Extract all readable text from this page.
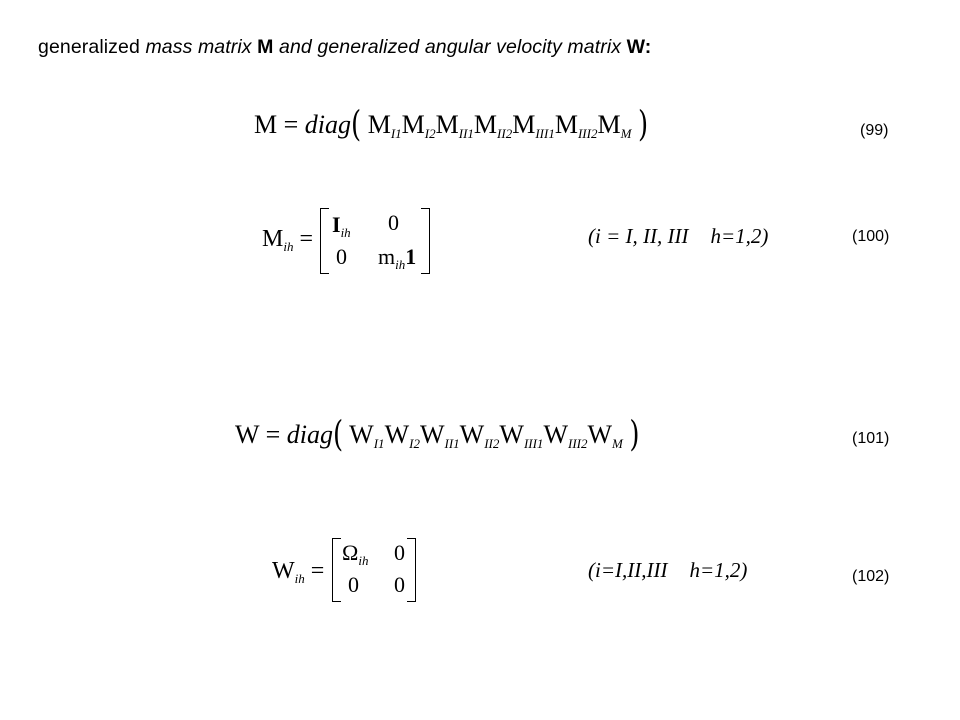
generalized mass matrix M and generalized angular velocity matrix W:
M = diag( MI1MI2MII1MII2MIII1MIII2MM )	(99)
$M_{ih}$ =
$I_{ih}$ 0
0 $m_{ih}1$
(i = I, II, III h=1,2)	(100)
W = diag( WI1WI2WII1WII2WIII1WIII2WM )	(101)
$W_{ih}$ =
$\Omega_{ih}$ 0
0 0
(i=I,II,III h=1,2)	(102)
